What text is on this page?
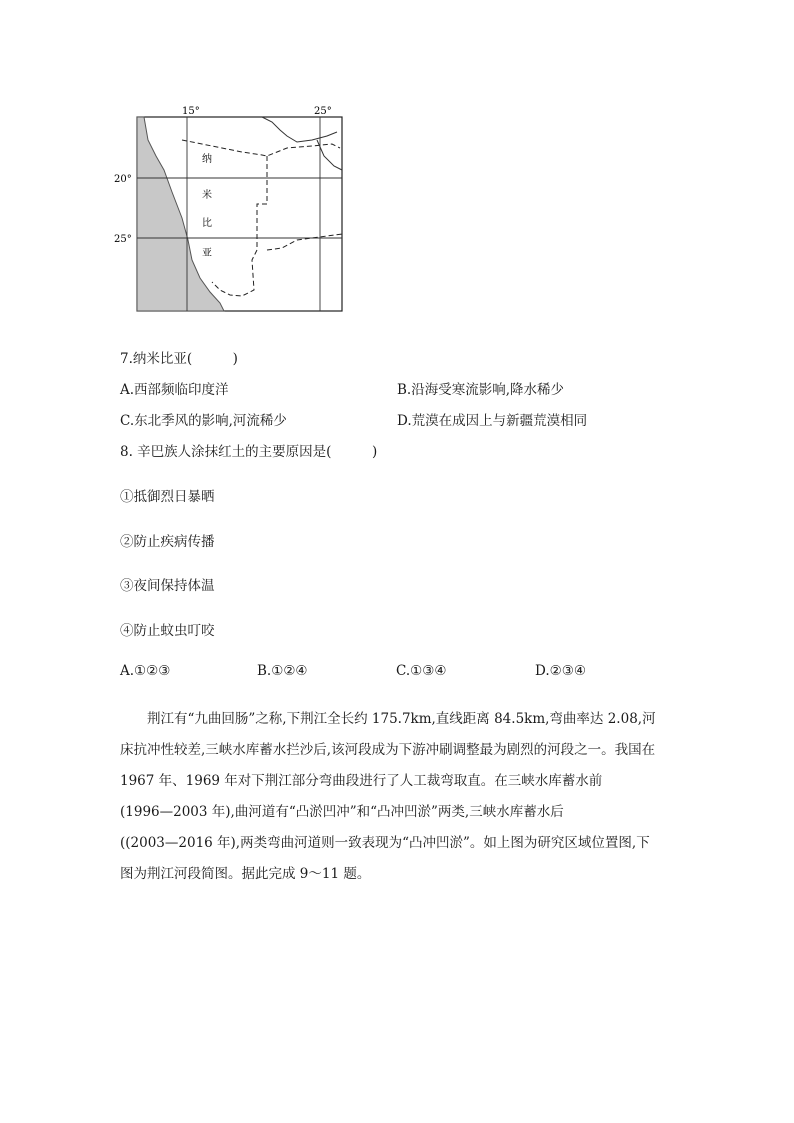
15°	25°
20°
25°
纳
米
比
亚
7.纳米比亚(　　　)
A.西部频临印度洋	B.沿海受寒流影响,降水稀少
C.东北季风的影响,河流稀少	D.荒漠在成因上与新疆荒漠相同
8. 辛巴族人涂抹红土的主要原因是(　　　)
①抵御烈日暴晒
②防止疾病传播
③夜间保持体温
④防止蚊虫叮咬
A.①②③	B.①②④	C.①③④	D.②③④
荆江有“九曲回肠”之称,下荆江全长约 175.7km,直线距离 84.5km,弯曲率达 2.08,河
床抗冲性较差,三峡水库蓄水拦沙后,该河段成为下游冲刷调整最为剧烈的河段之一。我国在
1967 年、1969 年对下荆江部分弯曲段进行了人工裁弯取直。在三峡水库蓄水前
(1996—2003 年),曲河道有“凸淤凹冲”和“凸冲凹淤”两类,三峡水库蓄水后
((2003—2016 年),两类弯曲河道则一致表现为“凸冲凹淤”。如上图为研究区域位置图,下
图为荆江河段简图。据此完成 9～11 题。
